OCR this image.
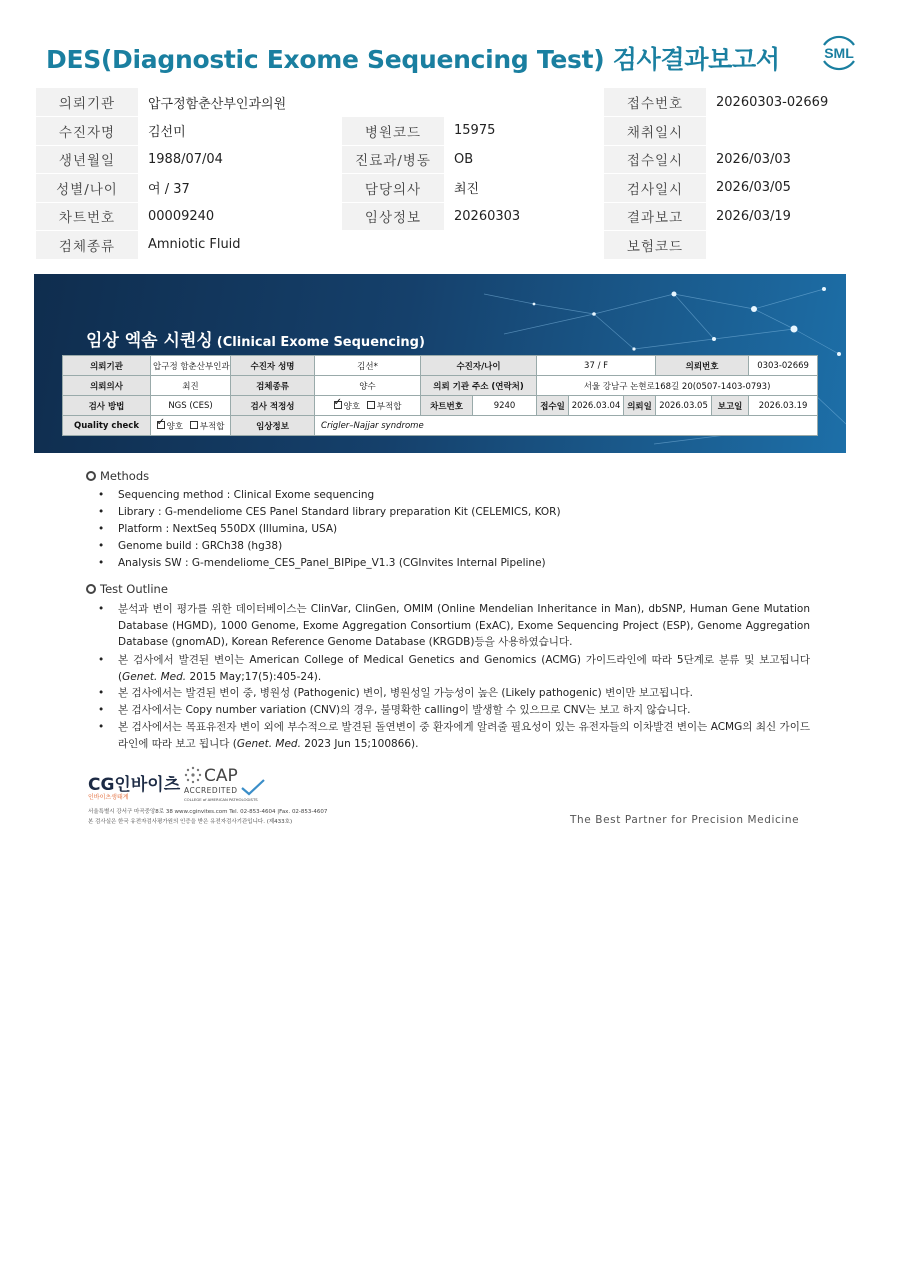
DES(Diagnostic Exome Sequencing Test) 검사결과보고서	SML
의뢰기관	압구정함춘산부인과의원			접수번호	20260303-02669
수진자명	김선미	병원코드	15975	채취일시	
생년월일	1988/07/04	진료과/병동	OB	접수일시	2026/03/03
성별/나이	여 / 37	담당의사	최진	검사일시	2026/03/05
차트번호	00009240	임상정보	20260303	결과보고	2026/03/19
검체종류	Amniotic Fluid			보험코드	
임상 엑솜 시퀀싱 (Clinical Exome Sequencing)
의뢰기관	압구정 함춘산부인과	수진자 성명	김선*	수진자/나이		37 / F			의뢰번호		0303-02669
의뢰의사	최진	검체종류	양수	의뢰 기관 주소 (연락처)		서울 강남구 논현로168길 20(0507-1403-0793)					
검사 방법	NGS (CES)	검사 적정성	✓양호 부적합	차트번호	9240	접수일	2026.03.04	의뢰일	2026.03.05	보고일	2026.03.19
Quality check	✓양호 부적합	임상정보	Crigler–Najjar syndrome								
Methods
• Sequencing method : Clinical Exome sequencing
• Library : G-mendeliome CES Panel Standard library preparation Kit (CELEMICS, KOR)
• Platform : NextSeq 550DX (Illumina, USA)
• Genome build : GRCh38 (hg38)
• Analysis SW : G-mendeliome_CES_Panel_BIPipe_V1.3 (CGInvites Internal Pipeline)
Test Outline
• 분석과 변이 평가를 위한 데이터베이스는 ClinVar, ClinGen, OMIM (Online Mendelian Inheritance in Man), dbSNP, Human Gene Mutation Database (HGMD), 1000 Genome, Exome Aggregation Consortium (ExAC), Exome Sequencing Project (ESP), Genome Aggregation Database (gnomAD), Korean Reference Genome Database (KRGDB)등을 사용하였습니다.
• 본 검사에서 발견된 변이는 American College of Medical Genetics and Genomics (ACMG) 가이드라인에 따라 5단계로 분류 및 보고됩니다 (Genet. Med. 2015 May;17(5):405-24).
• 본 검사에서는 발견된 변이 중, 병원성 (Pathogenic) 변이, 병원성일 가능성이 높은 (Likely pathogenic) 변이만 보고됩니다.
• 본 검사에서는 Copy number variation (CNV)의 경우, 불명확한 calling이 발생할 수 있으므로 CNV는 보고 하지 않습니다.
• 본 검사에서는 목표유전자 변이 외에 부수적으로 발견된 돌연변이 중 환자에게 알려줄 필요성이 있는 유전자들의 이차발견 변이는 ACMG의 최신 가이드라인에 따라 보고 됩니다 (Genet. Med. 2023 Jun 15;100866).
CG인바이츠
인바이츠생태계
CAP
ACCREDITED
COLLEGE of AMERICAN PATHOLOGISTS
서울특별시 강서구 마곡중앙8로 38 www.cginvites.com Tel. 02-853-4604 |Fax. 02-853-4607
본 검사실은 한국 유전자검사평가원의 인증을 받은 유전자검사기관입니다. (제433호)	The Best Partner for Precision Medicine
